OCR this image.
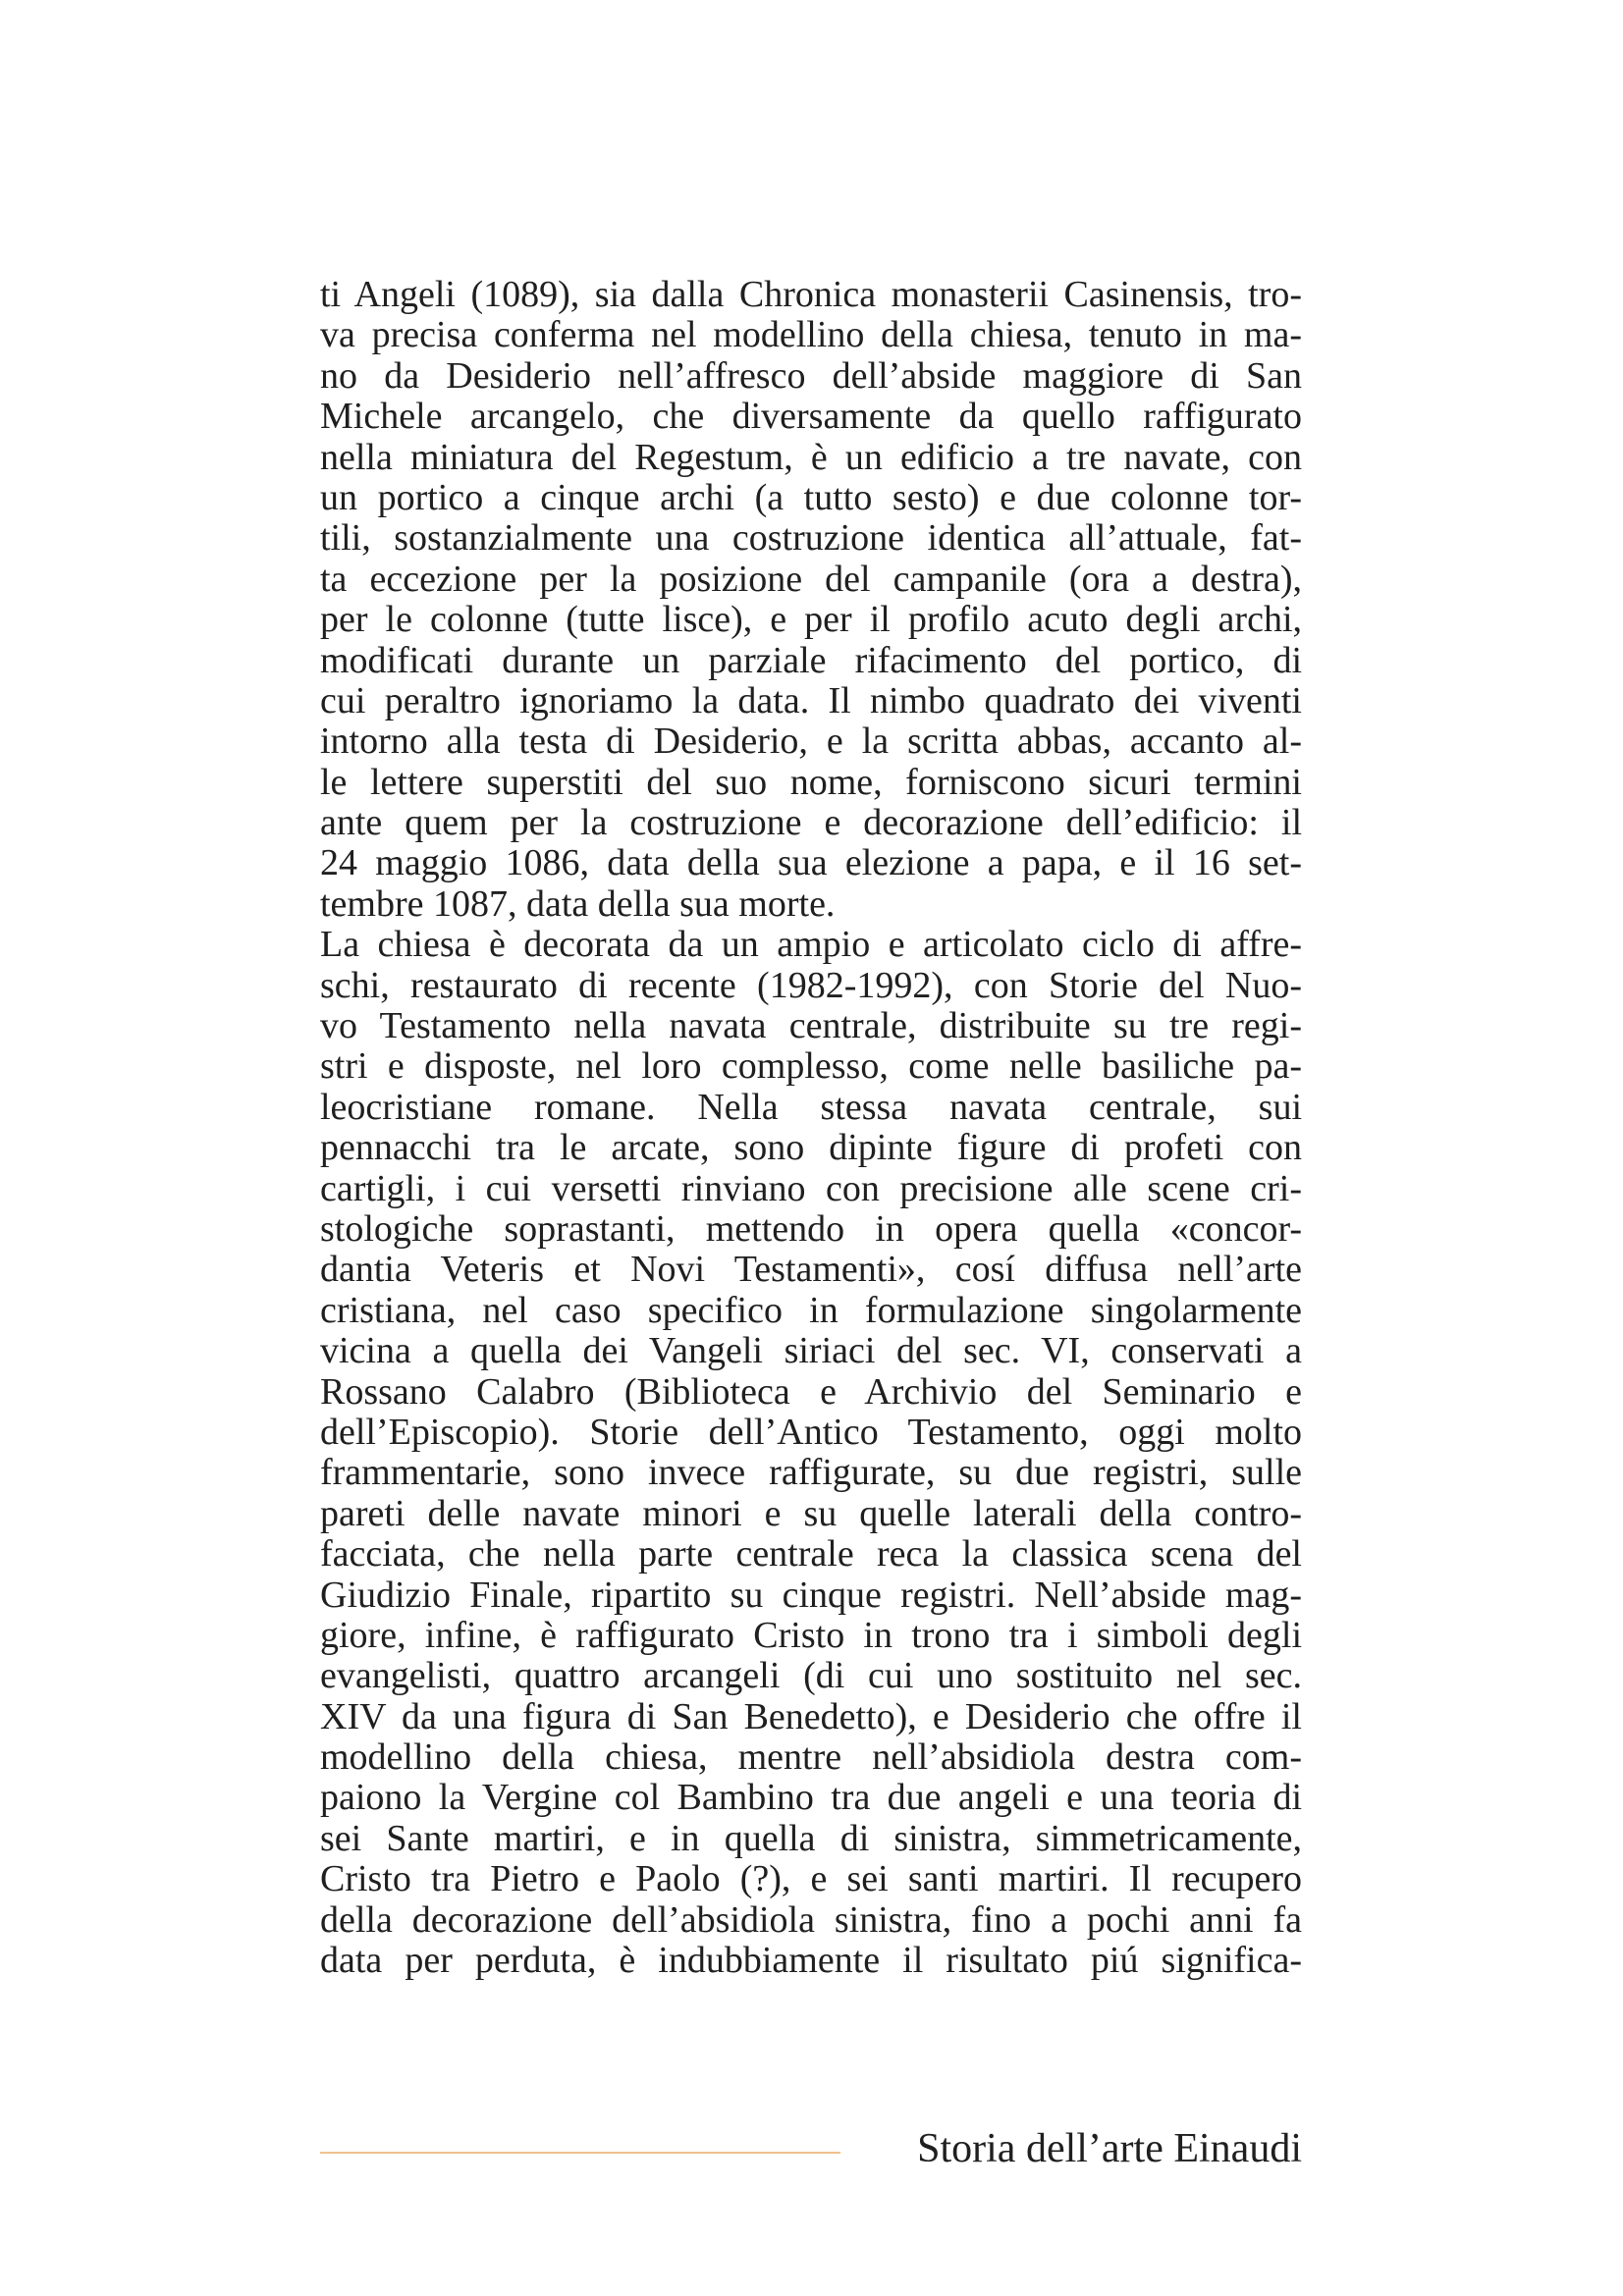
ti Angeli (1089), sia dalla Chronica monasterii Casinensis, tro-
va precisa conferma nel modellino della chiesa, tenuto in ma-
no da Desiderio nell’affresco dell’abside maggiore di San
Michele arcangelo, che diversamente da quello raffigurato
nella miniatura del Regestum, è un edificio a tre navate, con
un portico a cinque archi (a tutto sesto) e due colonne tor-
tili, sostanzialmente una costruzione identica all’attuale, fat-
ta eccezione per la posizione del campanile (ora a destra),
per le colonne (tutte lisce), e per il profilo acuto degli archi,
modificati durante un parziale rifacimento del portico, di
cui peraltro ignoriamo la data. Il nimbo quadrato dei viventi
intorno alla testa di Desiderio, e la scritta abbas, accanto al-
le lettere superstiti del suo nome, forniscono sicuri termini
ante quem per la costruzione e decorazione dell’edificio: il
24 maggio 1086, data della sua elezione a papa, e il 16 set-
tembre 1087, data della sua morte.
La chiesa è decorata da un ampio e articolato ciclo di affre-
schi, restaurato di recente (1982-1992), con Storie del Nuo-
vo Testamento nella navata centrale, distribuite su tre regi-
stri e disposte, nel loro complesso, come nelle basiliche pa-
leocristiane romane. Nella stessa navata centrale, sui
pennacchi tra le arcate, sono dipinte figure di profeti con
cartigli, i cui versetti rinviano con precisione alle scene cri-
stologiche soprastanti, mettendo in opera quella «concor-
dantia Veteris et Novi Testamenti», cosí diffusa nell’arte
cristiana, nel caso specifico in formulazione singolarmente
vicina a quella dei Vangeli siriaci del sec. VI, conservati a
Rossano Calabro (Biblioteca e Archivio del Seminario e
dell’Episcopio). Storie dell’Antico Testamento, oggi molto
frammentarie, sono invece raffigurate, su due registri, sulle
pareti delle navate minori e su quelle laterali della contro-
facciata, che nella parte centrale reca la classica scena del
Giudizio Finale, ripartito su cinque registri. Nell’abside mag-
giore, infine, è raffigurato Cristo in trono tra i simboli degli
evangelisti, quattro arcangeli (di cui uno sostituito nel sec.
XIV da una figura di San Benedetto), e Desiderio che offre il
modellino della chiesa, mentre nell’absidiola destra com-
paiono la Vergine col Bambino tra due angeli e una teoria di
sei Sante martiri, e in quella di sinistra, simmetricamente,
Cristo tra Pietro e Paolo (?), e sei santi martiri. Il recupero
della decorazione dell’absidiola sinistra, fino a pochi anni fa
data per perduta, è indubbiamente il risultato piú significa-
Storia dell’arte Einaudi
